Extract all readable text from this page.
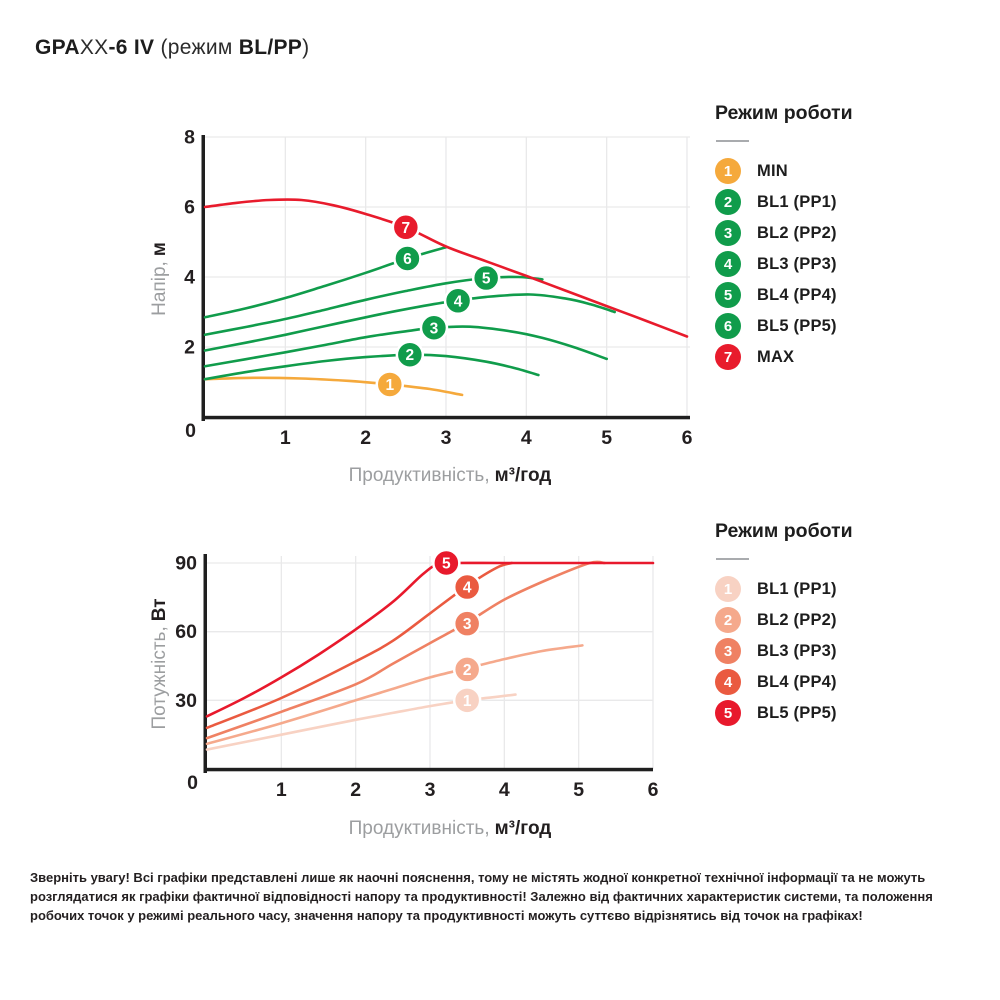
GPAXX-6 IV (режим BL/PP)
1
2
3
4
5
6
7
0	1	2	3	4	5	6
2
4
6
8
1
2
3
4
5
0	1	2	3	4	5	6
30
60
90
Напір,м
Продуктивність, м³/год
Потужність,Вт
Продуктивність, м³/год
Режим роботи
1	MIN
2	BL1 (PP1)
3	BL2 (PP2)
4	BL3 (PP3)
5	BL4 (PP4)
6	BL5 (PP5)
7	MAX
Режим роботи
1	BL1 (PP1)
2	BL2 (PP2)
3	BL3 (PP3)
4	BL4 (PP4)
5	BL5 (PP5)
Зверніть увагу! Всі графіки представлені лише як наочні пояснення, тому не містять жодної конкретної технічної інформації та не можуть розглядатися як графіки фактичної відповідності напору та продуктивності! Залежно від фактичних характеристик системи, та положення робочих точок у режимі реального часу, значення напору та продуктивності можуть суттєво відрізнятись від точок на графіках!
